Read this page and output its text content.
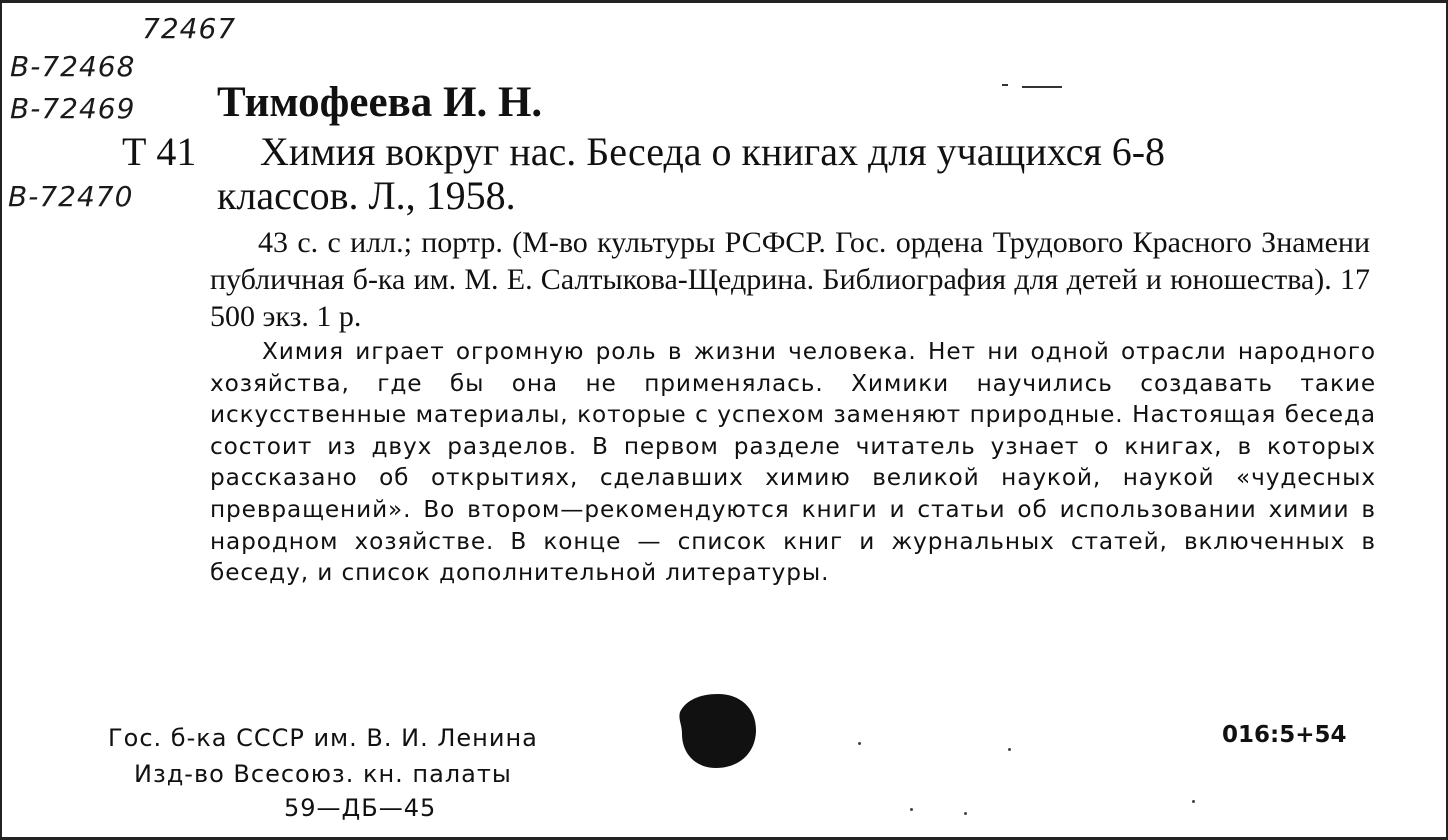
72467
В-72468
В-72469
В-72470
Тимофеева И. Н.
Т 41 Химия вокруг нас. Беседа о книгах для учащихся 6-8
классов. Л., 1958.
43 с. с илл.; портр. (М-во культуры РСФСР. Гос. ордена Трудового Красного Знамени публичная б-ка им. М. Е. Салтыкова-Щедрина. Библиография для детей и юношества). 17 500 экз. 1 р.
Химия играет огромную роль в жизни человека. Нет ни одной отрасли народного хозяйства, где бы она не применялась. Химики научились создавать такие искусственные материалы, которые с успехом заменяют природные. Настоящая беседа состоит из двух разделов. В первом разделе читатель узнает о книгах, в которых рассказано об открытиях, сделавших химию великой наукой, наукой «чудесных превращений». Во втором—рекомендуются книги и статьи об использовании химии в народном хозяйстве. В конце — список книг и журнальных статей, включенных в беседу, и список дополнительной литературы.
Гос. б-ка СССР им. В. И. Ленина
Изд-во Всесоюз. кн. палаты
59—ДБ—45
016:5+54
